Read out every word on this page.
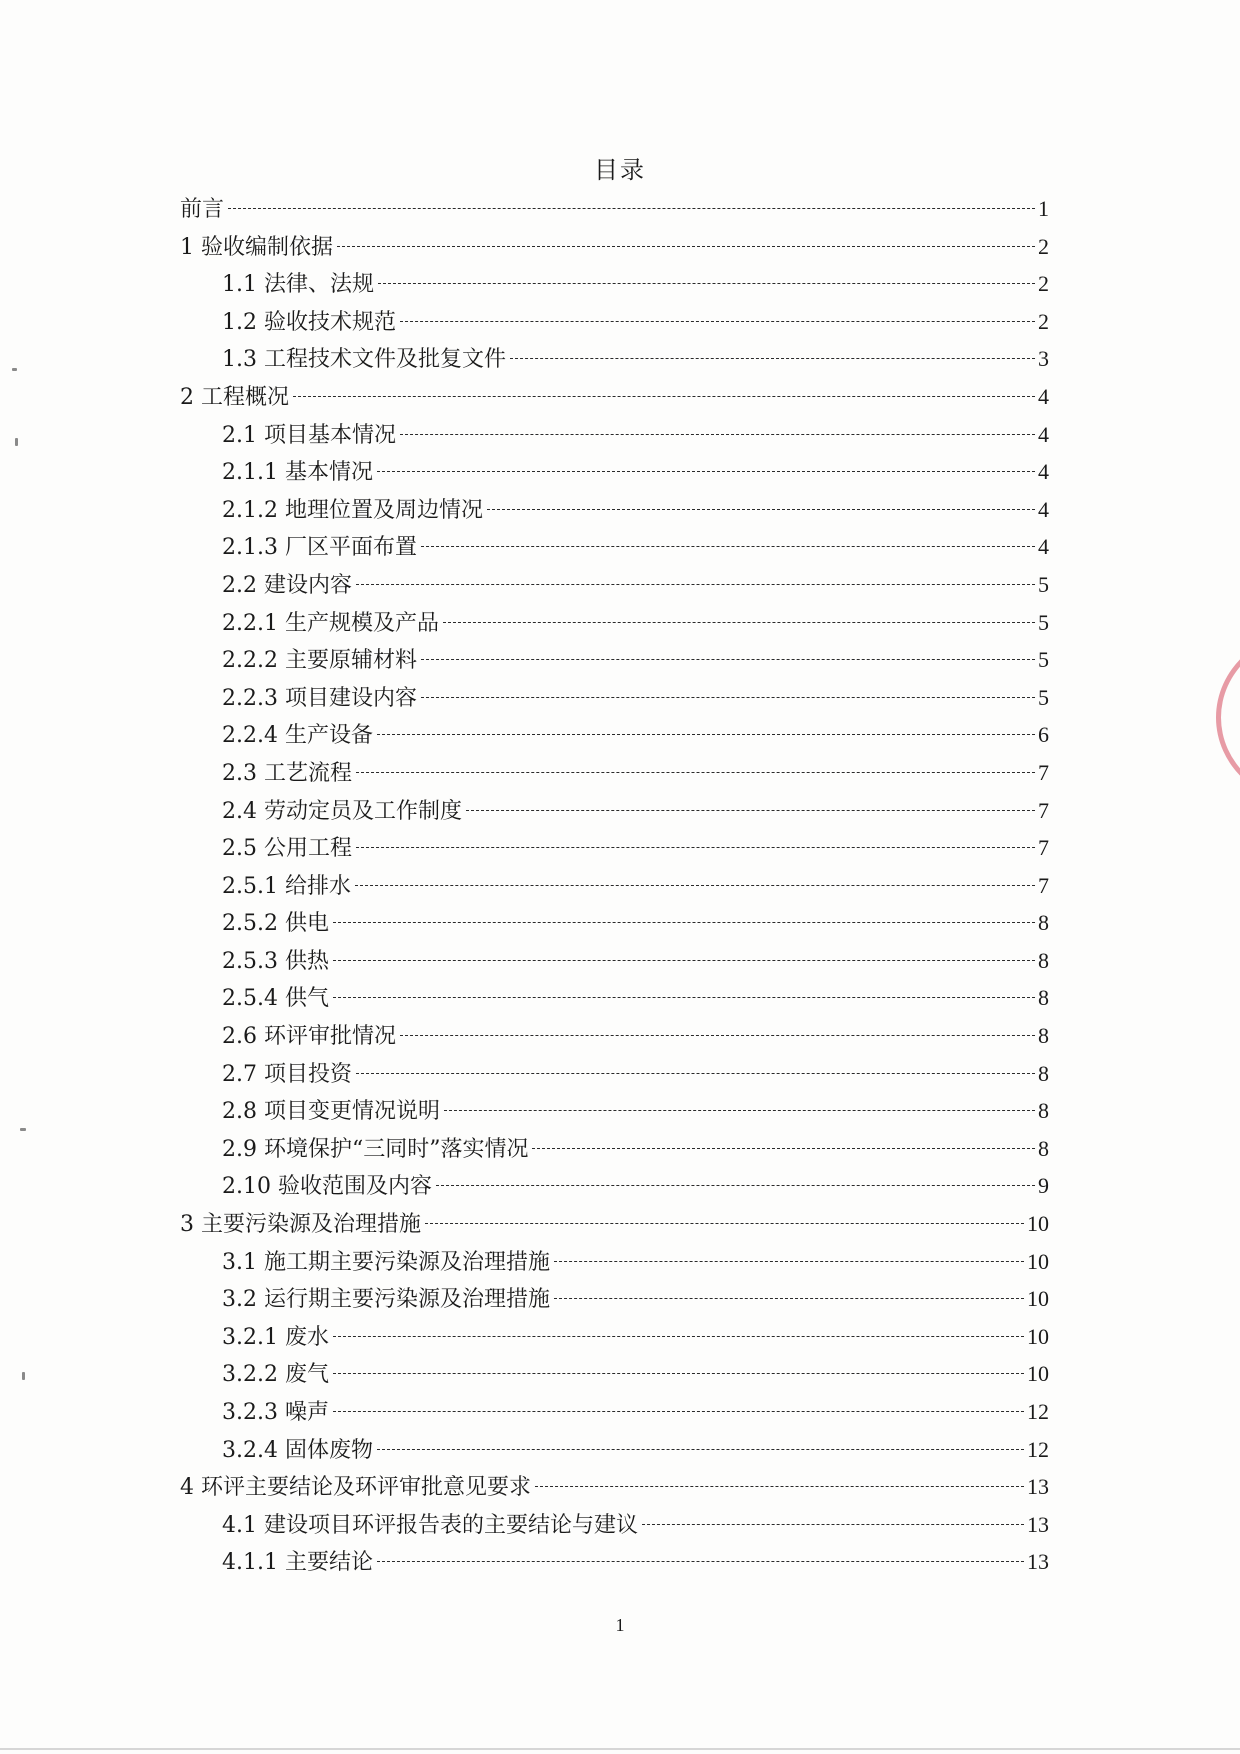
目录
前言	1
1 验收编制依据	2
1.1 法律、法规	2
1.2 验收技术规范	2
1.3 工程技术文件及批复文件	3
2 工程概况	4
2.1 项目基本情况	4
2.1.1 基本情况	4
2.1.2 地理位置及周边情况	4
2.1.3 厂区平面布置	4
2.2 建设内容	5
2.2.1 生产规模及产品	5
2.2.2 主要原辅材料	5
2.2.3 项目建设内容	5
2.2.4 生产设备	6
2.3 工艺流程	7
2.4 劳动定员及工作制度	7
2.5 公用工程	7
2.5.1 给排水	7
2.5.2 供电	8
2.5.3 供热	8
2.5.4 供气	8
2.6 环评审批情况	8
2.7 项目投资	8
2.8 项目变更情况说明	8
2.9 环境保护“三同时”落实情况	8
2.10 验收范围及内容	9
3 主要污染源及治理措施	10
3.1 施工期主要污染源及治理措施	10
3.2 运行期主要污染源及治理措施	10
3.2.1 废水	10
3.2.2 废气	10
3.2.3 噪声	12
3.2.4 固体废物	12
4 环评主要结论及环评审批意见要求	13
4.1 建设项目环评报告表的主要结论与建议	13
4.1.1 主要结论	13
1
